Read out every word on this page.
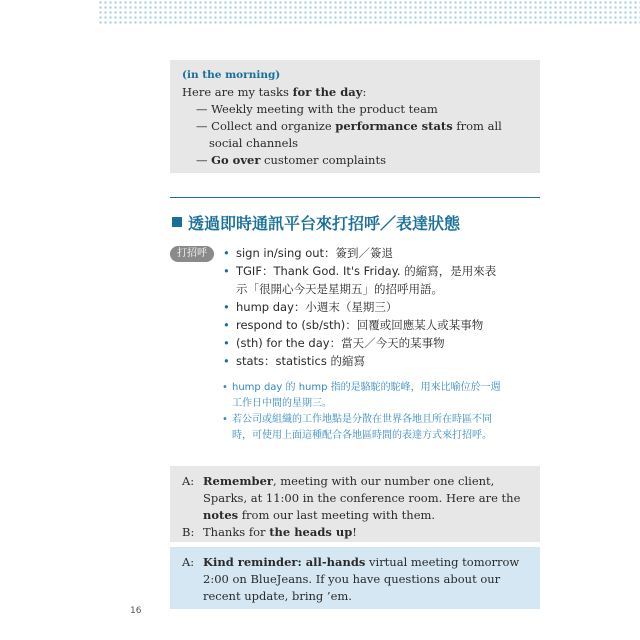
(in the morning)
Here are my tasks for the day:
— Weekly meeting with the product team
— Collect and organize performance stats from all
social channels
— Go over customer complaints
透過即時通訊平台來打招呼／表達狀態
打招呼	• sign in/sing out：簽到／簽退
• TGIF：Thank God. It's Friday. 的縮寫，是用來表
示「很開心今天是星期五」的招呼用語。
• hump day：小週末（星期三）
• respond to (sb/sth)：回覆或回應某人或某事物
• (sth) for the day：當天／今天的某事物
• stats：statistics 的縮寫
• hump day 的 hump 指的是駱駝的駝峰，用來比喻位於一週
工作日中間的星期三。
• 若公司或組織的工作地點是分散在世界各地且所在時區不同
時，可使用上面這種配合各地區時間的表達方式來打招呼。
A: Remember, meeting with our number one client,
Sparks, at 11:00 in the conference room. Here are the
notes from our last meeting with them.
B: Thanks for the heads up!
A: Kind reminder: all-hands virtual meeting tomorrow
2:00 on BlueJeans. If you have questions about our
recent update, bring ’em.
16
